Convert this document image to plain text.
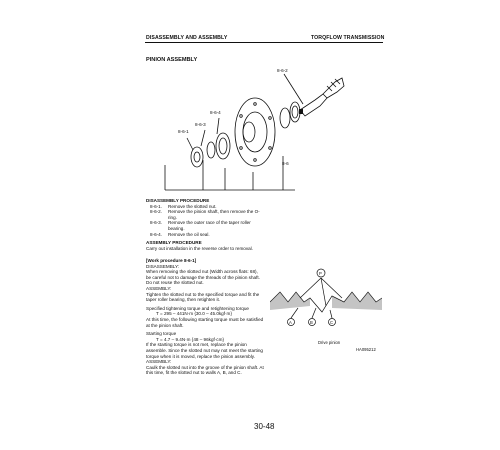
DISASSEMBLY AND ASSEMBLY	TORQFLOW TRANSMISSION
PINION ASSEMBLY
8-6-2
8-6-4
8-6-3
8-6-1
8-6
DISASSEMBLY PROCEDURE
8-6-1.	Remove the slotted nut.
8-6-2.	Remove the pinion shaft, then remove the O-ring.
8-6-3.	Remove the outer race of the taper roller bearing.
8-6-4.	Remove the oil seal.
ASSEMBLY PROCEDURE
Carry out installation in the reverse order to removal.
[Work procedure 8-6-1]
DISASSEMBLY:
When removing the slotted nut (Width across flats: 68), be careful not to damage the threads of the pinion shaft. Do not reuse the slotted nut.
ASSEMBLY:
Tighten the slotted nut to the specified torque and fit the taper roller bearing, then retighten it.
Specified tightening torque and retightening torque
T = 295 – 441N·m {30.0 – 45.0kgf·m}
At this time, the following starting torque must be satisfied at the pinion shaft.
Starting torque
T = 4.7 – 9.4N·m {48 – 96kgf·cm}
If the starting torque is not met, replace the pinion assemble. Since the slotted nut may not meet the starting torque when it is moved, replace the pinion assembly.
ASSEMBLY:
Caulk the slotted nut into the groove of the pinion shaft. At this time, fit the slotted nut to walls A, B, and C.
P
A	B	C
Drive pinion
HA095212
30-48
